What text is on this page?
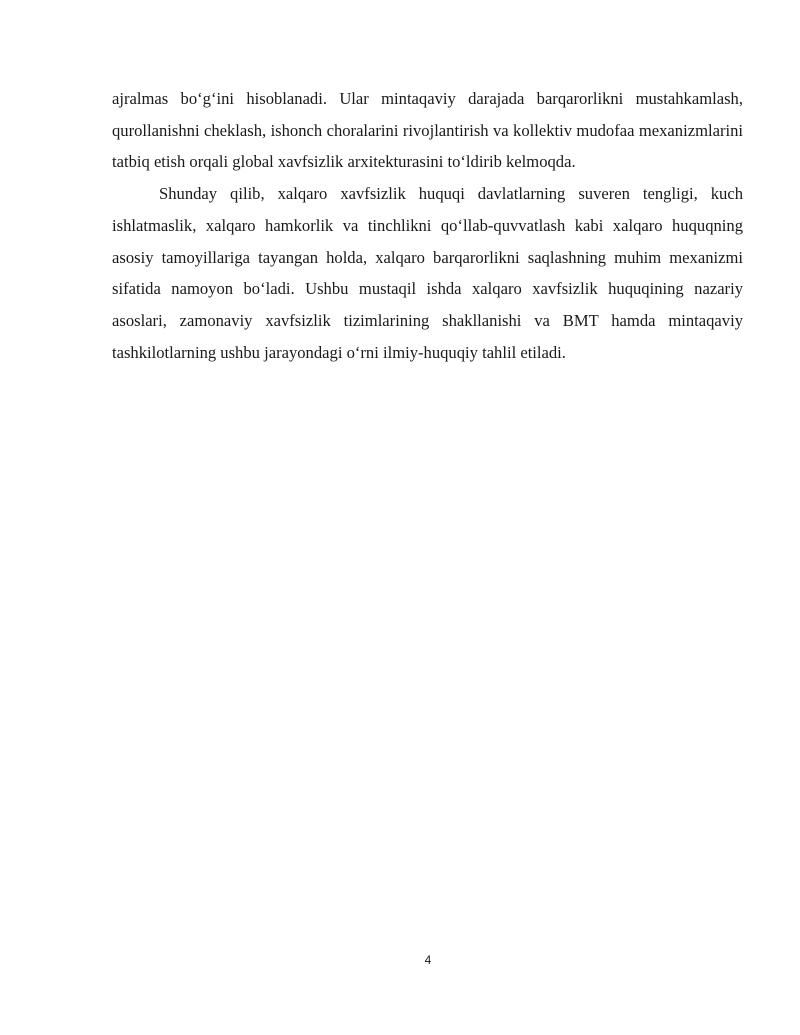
ajralmas bo‘g‘ini hisoblanadi. Ular mintaqaviy darajada barqarorlikni mustahkamlash, qurollanishni cheklash, ishonch choralarini rivojlantirish va kollektiv mudofaa mexanizmlarini tatbiq etish orqali global xavfsizlik arxitekturasini to‘ldirib kelmoqda.

Shunday qilib, xalqaro xavfsizlik huquqi davlatlarning suveren tengligi, kuch ishlatmaslik, xalqaro hamkorlik va tinchlikni qo‘llab-quvvatlash kabi xalqaro huquqning asosiy tamoyillariga tayangan holda, xalqaro barqarorlikni saqlashning muhim mexanizmi sifatida namoyon bo‘ladi. Ushbu mustaqil ishda xalqaro xavfsizlik huquqining nazariy asoslari, zamonaviy xavfsizlik tizimlarining shakllanishi va BMT hamda mintaqaviy tashkilotlarning ushbu jarayondagi o‘rni ilmiy-huquqiy tahlil etiladi.

4
